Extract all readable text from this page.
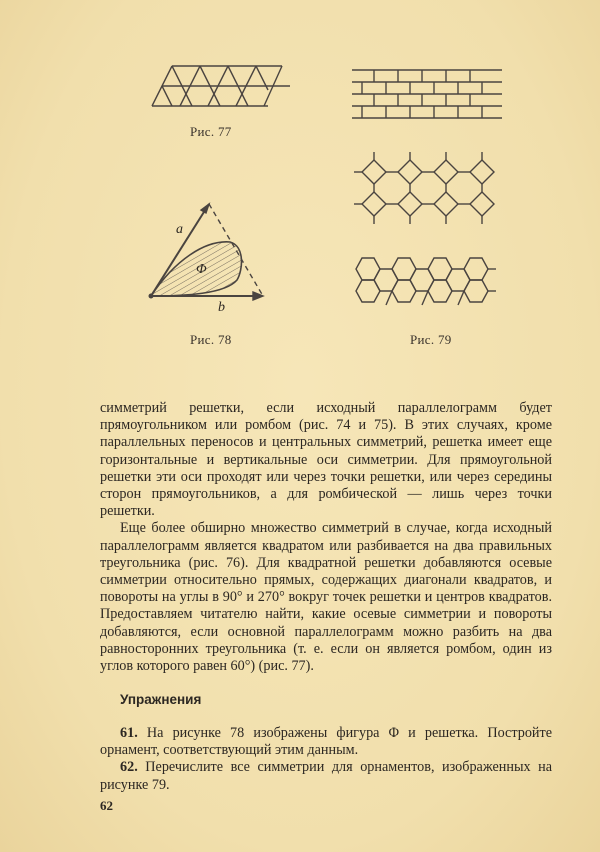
Рис. 77
Рис. 79
a
Φ
b
Рис. 78

симметрий решетки, если исходный параллелограмм будет прямоугольником или ромбом (рис. 74 и 75). В этих случаях, кроме параллельных переносов и центральных симметрий, решетка имеет еще горизонтальные и вертикальные оси симметрии. Для прямоугольной решетки эти оси проходят или через точки решетки, или через середины сторон прямоугольников, а для ромбической — лишь через точки решетки.

Еще более обширно множество симметрий в случае, когда исходный параллелограмм является квадратом или разбивается на два правильных треугольника (рис. 76). Для квадратной решетки добавляются осевые симметрии относительно прямых, содержащих диагонали квадратов, и повороты на углы в 90° и 270° вокруг точек решетки и центров квадратов. Предоставляем читателю найти, какие осевые симметрии и повороты добавляются, если основной параллелограмм можно разбить на два равносторонних треугольника (т. е. если он является ромбом, один из углов которого равен 60°) (рис. 77).

Упражнения

61. На рисунке 78 изображены фигура Φ и решетка. Постройте орнамент, соответствующий этим данным.

62. Перечислите все симметрии для орнаментов, изображенных на рисунке 79.

62
